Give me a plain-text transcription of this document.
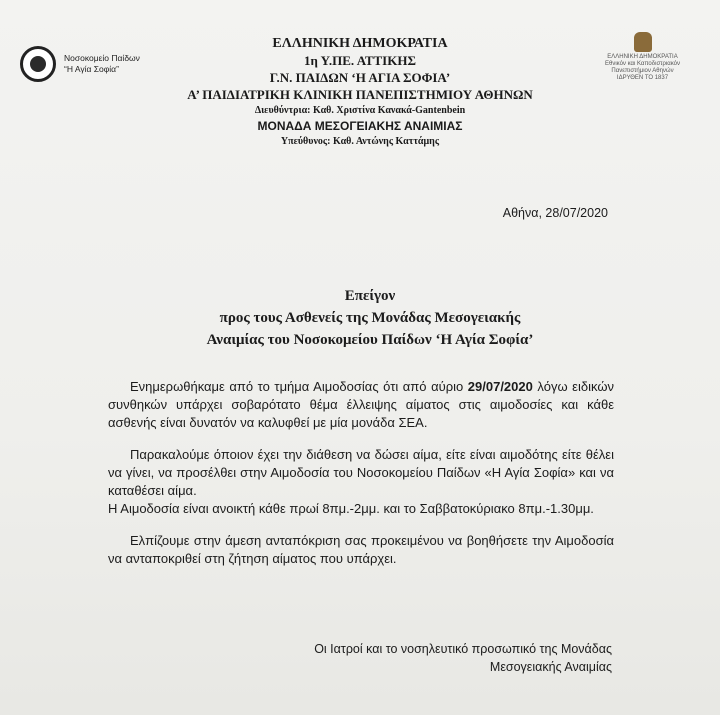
Νοσοκομείο Παίδων
“Η Αγία Σοφία”
ΕΛΛΗΝΙΚΗ ΔΗΜΟΚΡΑΤΙΑ
Εθνικόν και Καποδιστριακόν
Πανεπιστήμιον Αθηνών
ΙΔΡΥΘΕΝ ΤΟ 1837
ΕΛΛΗΝΙΚΗ ΔΗΜΟΚΡΑΤΙΑ
1η Υ.ΠΕ. ΑΤΤΙΚΗΣ
Γ.Ν. ΠΑΙΔΩΝ ‘Η ΑΓΙΑ ΣΟΦΙΑ’
Α’ ΠΑΙΔΙΑΤΡΙΚΗ ΚΛΙΝΙΚΗ ΠΑΝΕΠΙΣΤΗΜΙΟΥ ΑΘΗΝΩΝ
Διευθύντρια: Καθ. Χριστίνα Κανακά-Gantenbein
ΜΟΝΑΔΑ ΜΕΣΟΓΕΙΑΚΗΣ ΑΝΑΙΜΙΑΣ
Υπεύθυνος: Καθ. Αντώνης Καττάμης
Αθήνα, 28/07/2020
Επείγον
προς τους Ασθενείς της Μονάδας Μεσογειακής
Αναιμίας του Νοσοκομείου Παίδων ‘Η Αγία Σοφία’

Ενημερωθήκαμε από το τμήμα Αιμοδοσίας ότι από αύριο 29/07/2020 λόγω ειδικών συνθηκών υπάρχει σοβαρότατο θέμα έλλειψης αίματος στις αιμοδοσίες και κάθε ασθενής είναι δυνατόν να καλυφθεί με μία μονάδα ΣΕΑ.

Παρακαλούμε όποιον έχει την διάθεση να δώσει αίμα, είτε είναι αιμοδότης είτε θέλει να γίνει, να προσέλθει στην Αιμοδοσία του Νοσοκομείου Παίδων «Η Αγία Σοφία» και να καταθέσει αίμα.

Η Αιμοδοσία είναι ανοικτή κάθε πρωί 8πμ.-2μμ. και το Σαββατοκύριακο 8πμ.-1.30μμ.

Ελπίζουμε στην άμεση ανταπόκριση σας προκειμένου να βοηθήσετε την Αιμοδοσία να ανταποκριθεί στη ζήτηση αίματος που υπάρχει.

Οι Ιατροί και το νοσηλευτικό προσωπικό της Μονάδας
Μεσογειακής Αναιμίας
